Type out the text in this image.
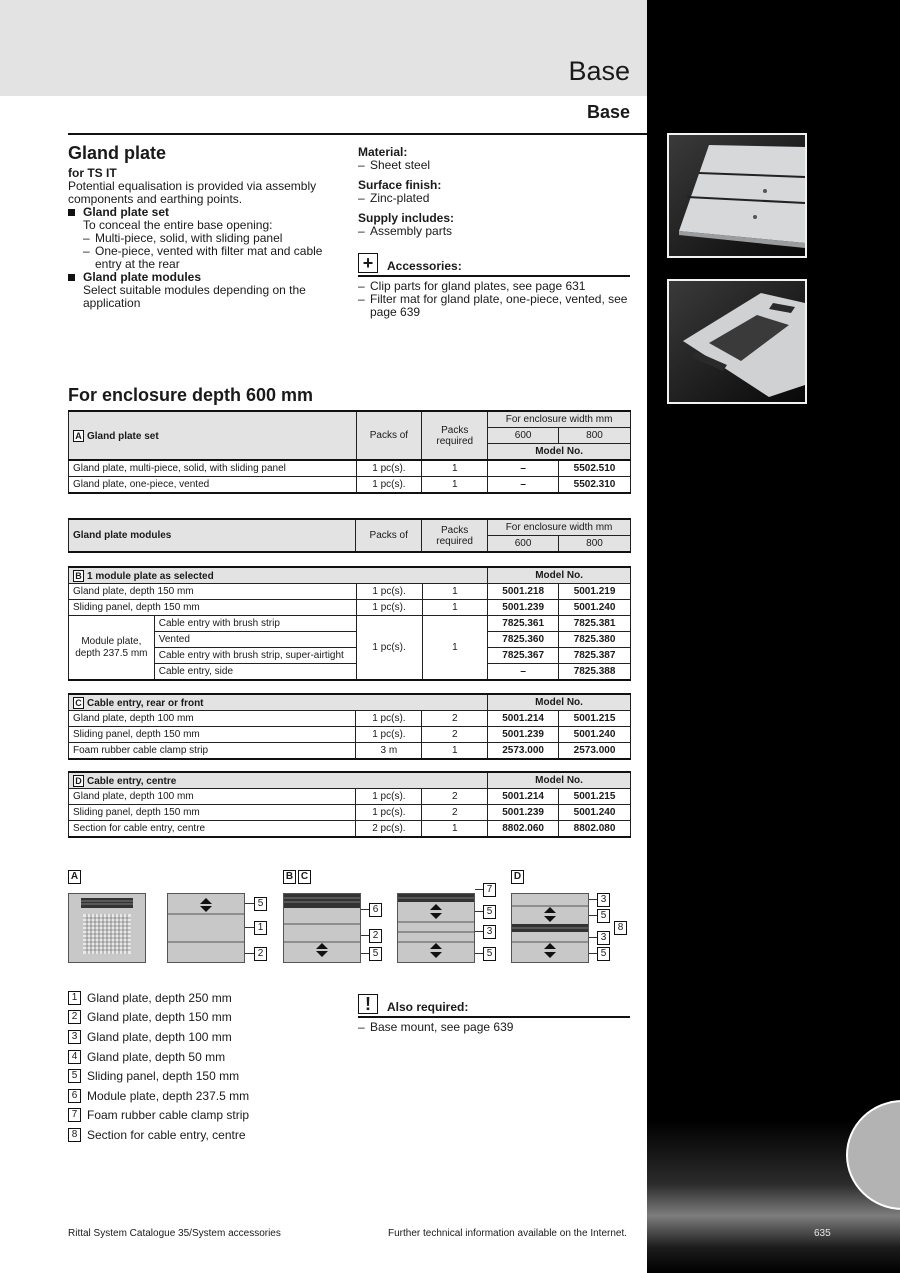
Base
Base
Gland plate
for TS IT
Potential equalisation is provided via assembly components and earthing points.
Gland plate set
To conceal the entire base opening:
– Multi-piece, solid, with sliding panel
– One-piece, vented with filter mat and cable entry at the rear
Gland plate modules
Select suitable modules depending on the application
Material:
– Sheet steel
Surface finish:
– Zinc-plated
Supply includes:
– Assembly parts
+	Accessories:
– Clip parts for gland plates, see page 631
– Filter mat for gland plate, one-piece, vented, see page 639
For enclosure depth 600 mm
A Gland plate set	Packs of	Packs required	For enclosure width mm	
			600	800
			Model No.	
Gland plate, multi-piece, solid, with sliding panel	1 pc(s).	1	–	5502.510
Gland plate, one-piece, vented	1 pc(s).	1	–	5502.310
Gland plate modules	Packs of	Packs required	For enclosure width mm	
			600	800
B 1 module plate as selected				Model No.	
Gland plate, depth 150 mm		1 pc(s).	1	5001.218	5001.219
Sliding panel, depth 150 mm		1 pc(s).	1	5001.239	5001.240
Module plate, depth 237.5 mm	Cable entry with brush strip	1 pc(s).	1	7825.361	7825.381
	Vented			7825.360	7825.380
	Cable entry with brush strip, super-airtight			7825.367	7825.387
	Cable entry, side			–	7825.388
C Cable entry, rear or front			Model No.	
Gland plate, depth 100 mm	1 pc(s).	2	5001.214	5001.215
Sliding panel, depth 150 mm	1 pc(s).	2	5001.239	5001.240
Foam rubber cable clamp strip	3 m	1	2573.000	2573.000
D Cable entry, centre			Model No.	
Gland plate, depth 100 mm	1 pc(s).	2	5001.214	5001.215
Sliding panel, depth 150 mm	1 pc(s).	2	5001.239	5001.240
Section for cable entry, centre	2 pc(s).	1	8802.060	8802.080
A	B C	D
5
1
2
6
2
5
7
5
3
5
3
5
8
3
5
1 Gland plate, depth 250 mm
2 Gland plate, depth 150 mm
3 Gland plate, depth 100 mm
4 Gland plate, depth 50 mm
5 Sliding panel, depth 150 mm
6 Module plate, depth 237.5 mm
7 Foam rubber cable clamp strip
8 Section for cable entry, centre
!	Also required:
– Base mount, see page 639
Rittal System Catalogue 35/System accessories	Further technical information available on the Internet.	635
